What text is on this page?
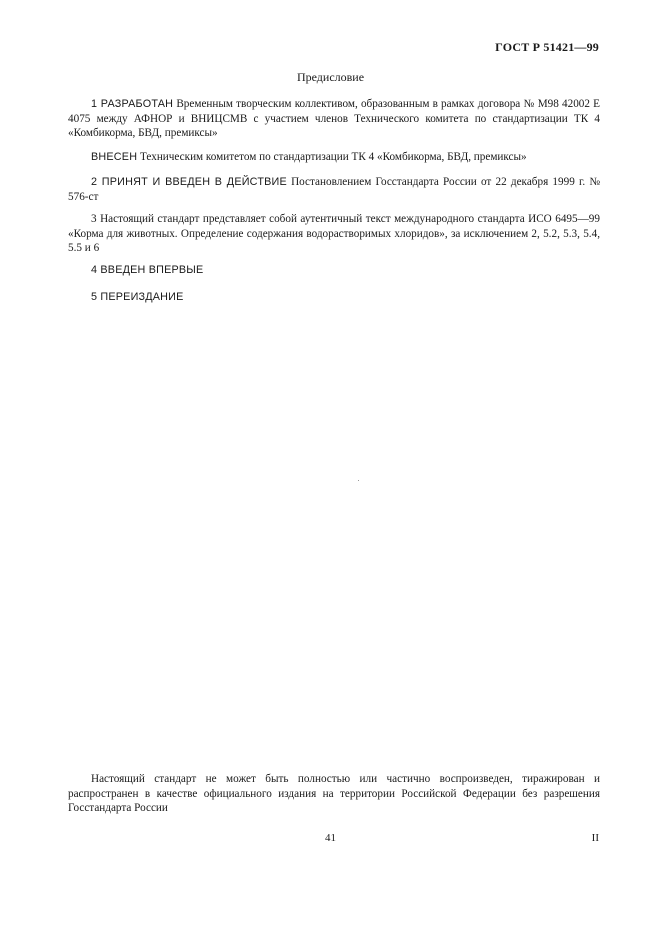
ГОСТ Р 51421—99
Предисловие

1 РАЗРАБОТАН Временным творческим коллективом, образованным в рамках договора № М98 42002 Е 4075 между АФНОР и ВНИЦСМВ с участием членов Технического комитета по стандартизации ТК 4 «Комбикорма, БВД, премиксы»

ВНЕСЕН Техническим комитетом по стандартизации ТК 4 «Комбикорма, БВД, премиксы»

2 ПРИНЯТ И ВВЕДЕН В ДЕЙСТВИЕ Постановлением Госстандарта России от 22 декабря 1999 г. № 576-ст

3 Настоящий стандарт представляет собой аутентичный текст международного стандарта ИСО 6495—99 «Корма для животных. Определение содержания водорастворимых хлоридов», за исключением 2, 5.2, 5.3, 5.4, 5.5 и 6

4 ВВЕДЕН ВПЕРВЫЕ

5 ПЕРЕИЗДАНИЕ

Настоящий стандарт не может быть полностью или частично воспроизведен, тиражирован и распространен в качестве официального издания на территории Российской Федерации без разрешения Госстандарта России

41	II
